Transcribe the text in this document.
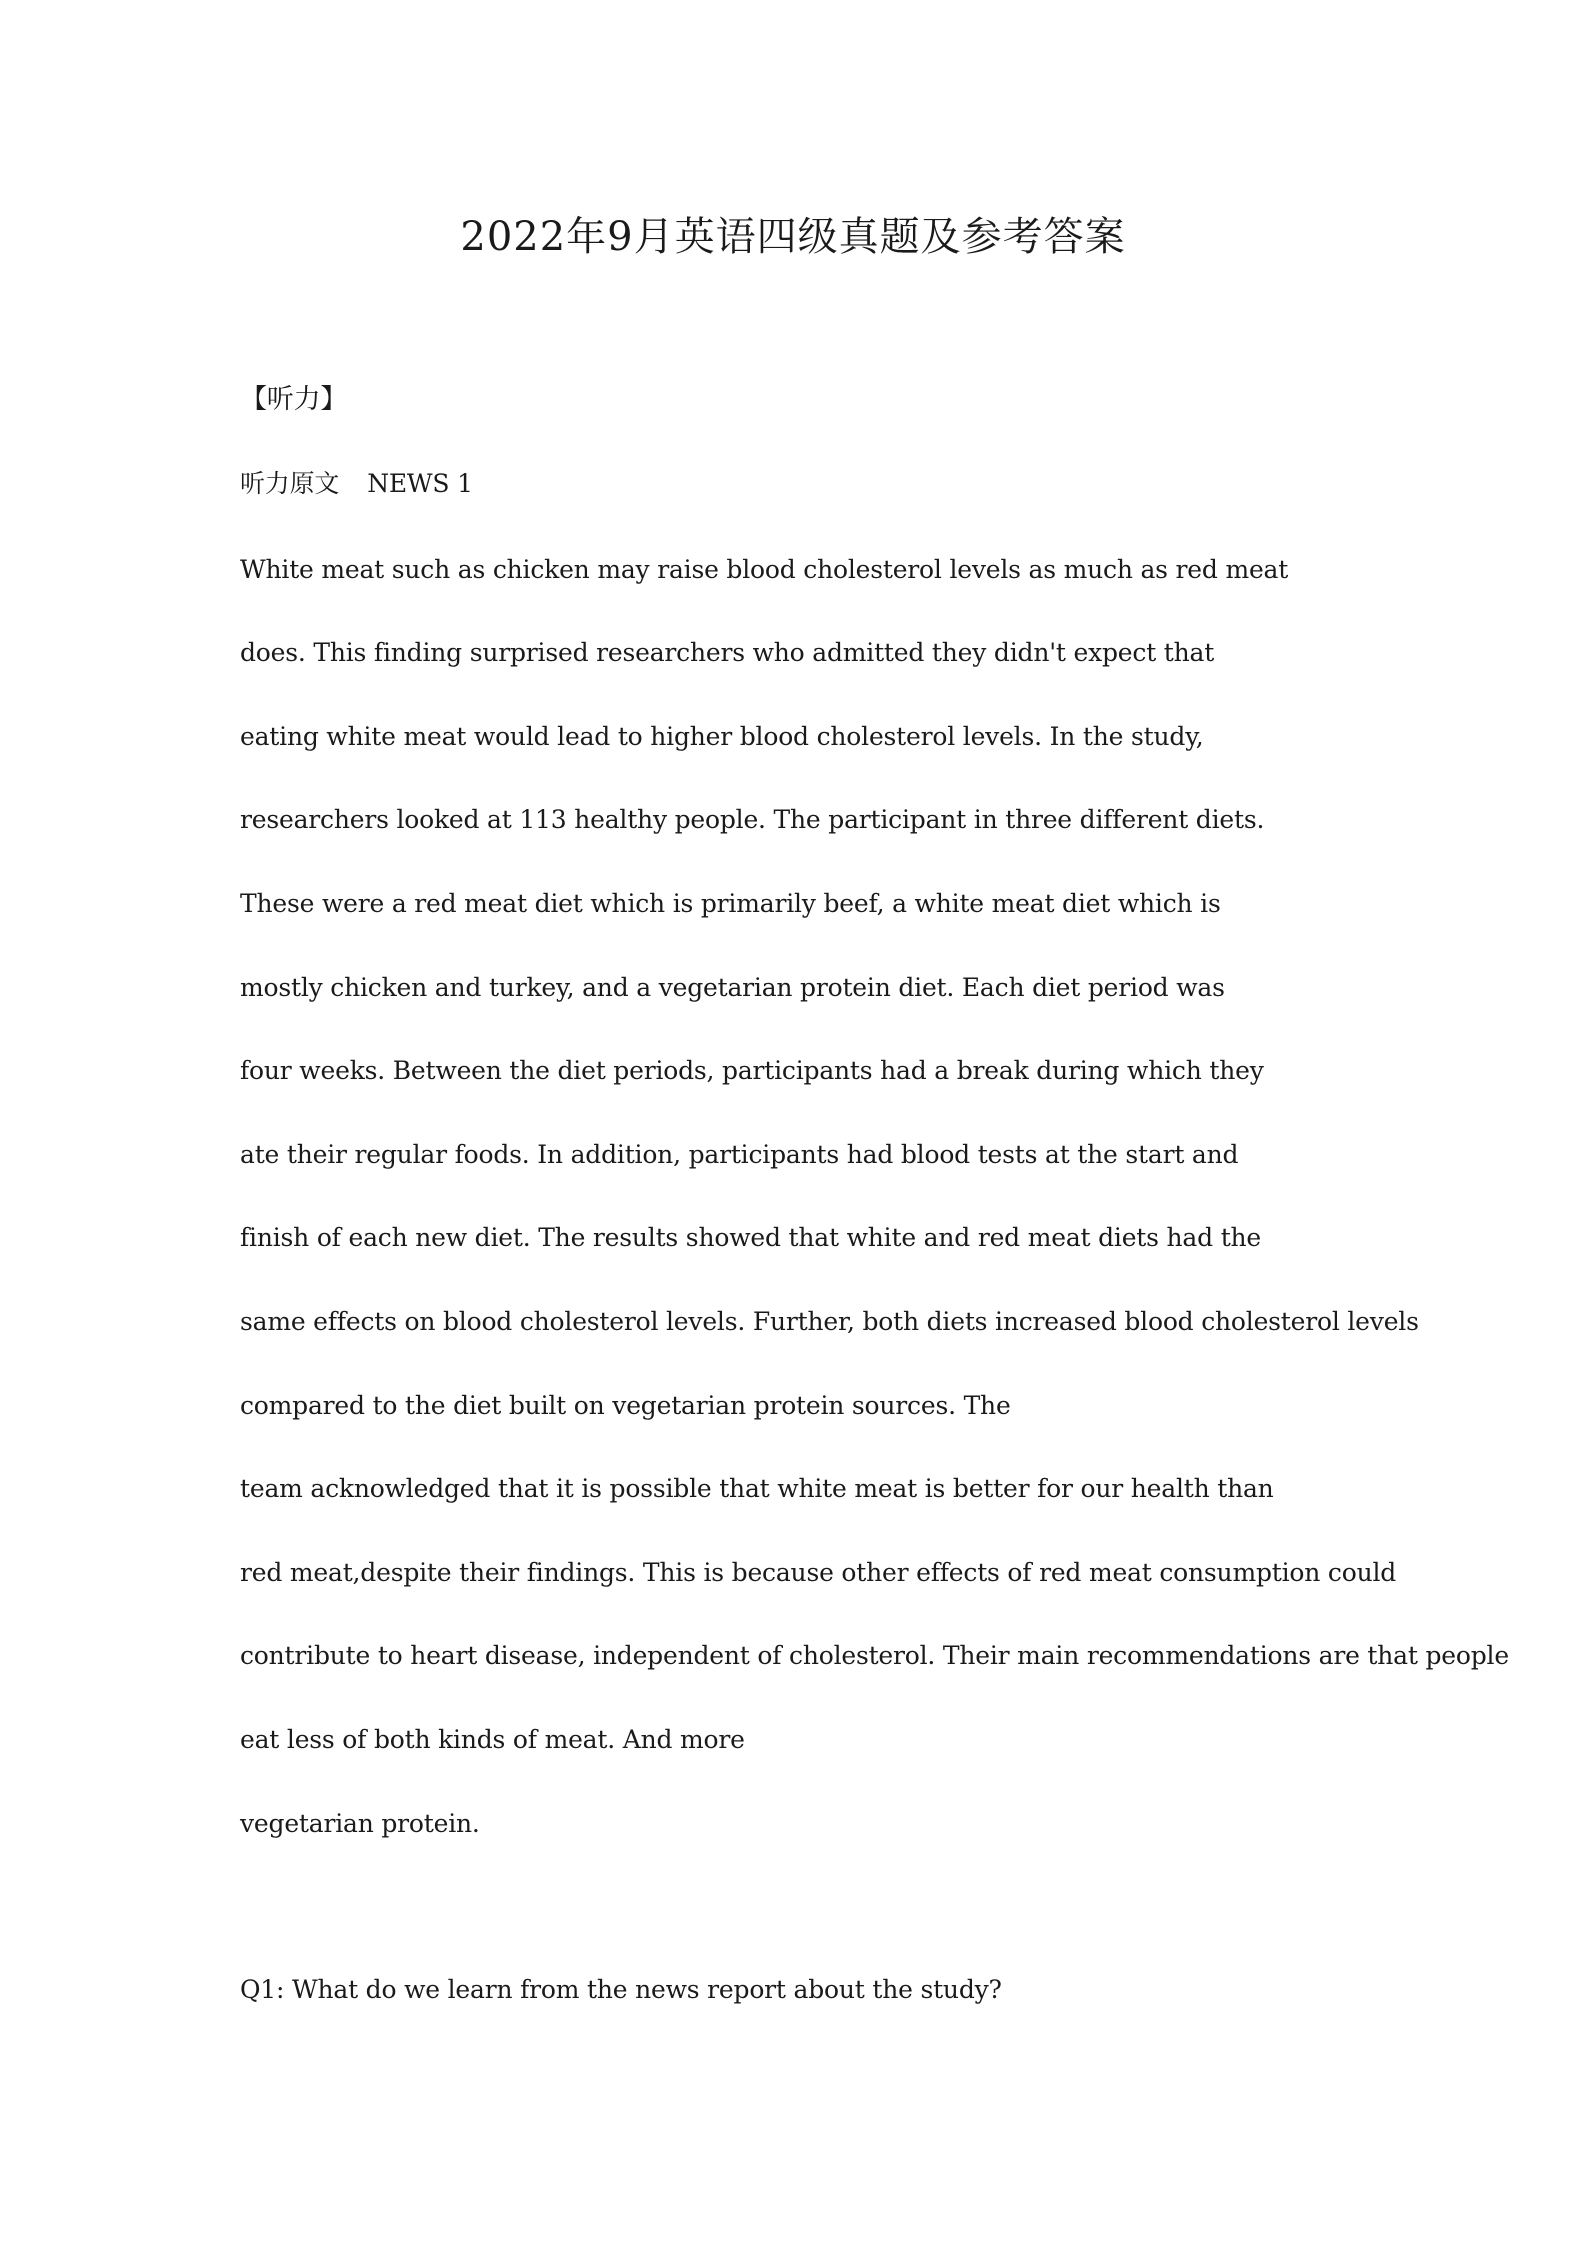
2022年9月英语四级真题及参考答案

【听力】

听力原文 NEWS 1

White meat such as chicken may raise blood cholesterol levels as much as red meat

does. This finding surprised researchers who admitted they didn't expect that

eating white meat would lead to higher blood cholesterol levels. In the study,

researchers looked at 113 healthy people. The participant in three different diets.

These were a red meat diet which is primarily beef, a white meat diet which is

mostly chicken and turkey, and a vegetarian protein diet. Each diet period was

four weeks. Between the diet periods, participants had a break during which they

ate their regular foods. In addition, participants had blood tests at the start and

finish of each new diet. The results showed that white and red meat diets had the

same effects on blood cholesterol levels. Further, both diets increased blood cholesterol levels

compared to the diet built on vegetarian protein sources. The

team acknowledged that it is possible that white meat is better for our health than

red meat,despite their findings. This is because other effects of red meat consumption could

contribute to heart disease, independent of cholesterol. Their main recommendations are that people

eat less of both kinds of meat. And more

vegetarian protein.

Q1: What do we learn from the news report about the study?
